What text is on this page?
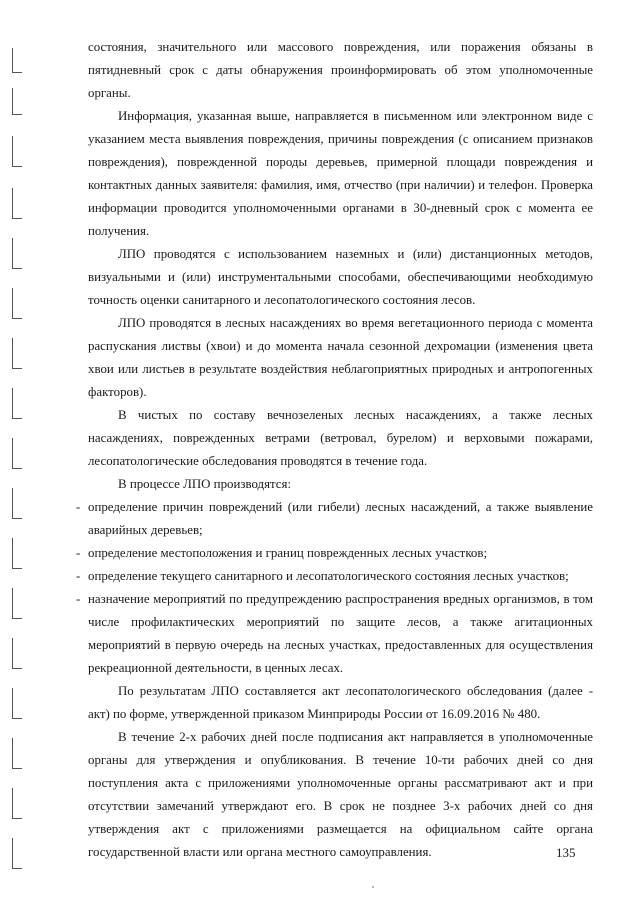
состояния, значительного или массового повреждения, или поражения обязаны в пятидневный срок с даты обнаружения проинформировать об этом уполномоченные органы.

Информация, указанная выше, направляется в письменном или электронном виде с указанием места выявления повреждения, причины повреждения (с описанием признаков повреждения), поврежденной породы деревьев, примерной площади повреждения и контактных данных заявителя: фамилия, имя, отчество (при наличии) и телефон. Проверка информации проводится уполномоченными органами в 30-дневный срок с момента ее получения.

ЛПО проводятся с использованием наземных и (или) дистанционных методов, визуальными и (или) инструментальными способами, обеспечивающими необходимую точность оценки санитарного и лесопатологического состояния лесов.

ЛПО проводятся в лесных насаждениях во время вегетационного периода с момента распускания листвы (хвои) и до момента начала сезонной дехромации (изменения цвета хвои или листьев в результате воздействия неблагоприятных природных и антропогенных факторов).

В чистых по составу вечнозеленых лесных насаждениях, а также лесных насаждениях, поврежденных ветрами (ветровал, бурелом) и верховыми пожарами, лесопатологические обследования проводятся в течение года.

В процессе ЛПО производятся:

- определение причин повреждений (или гибели) лесных насаждений, а также выявление аварийных деревьев;
- определение местоположения и границ поврежденных лесных участков;
- определение текущего санитарного и лесопатологического состояния лесных участков;
- назначение мероприятий по предупреждению распространения вредных организмов, в том числе профилактических мероприятий по защите лесов, а также агитационных мероприятий в первую очередь на лесных участках, предоставленных для осуществления рекреационной деятельности, в ценных лесах.

По результатам ЛПО составляется акт лесопатологического обследования (далее - акт) по форме, утвержденной приказом Минприроды России от 16.09.2016 № 480.

В течение 2-х рабочих дней после подписания акт направляется в уполномоченные органы для утверждения и опубликования. В течение 10-ти рабочих дней со дня поступления акта с приложениями уполномоченные органы рассматривают акт и при отсутствии замечаний утверждают его. В срок не позднее 3-х рабочих дней со дня утверждения акт с приложениями размещается на официальном сайте органа государственной власти или органа местного самоуправления.	135
